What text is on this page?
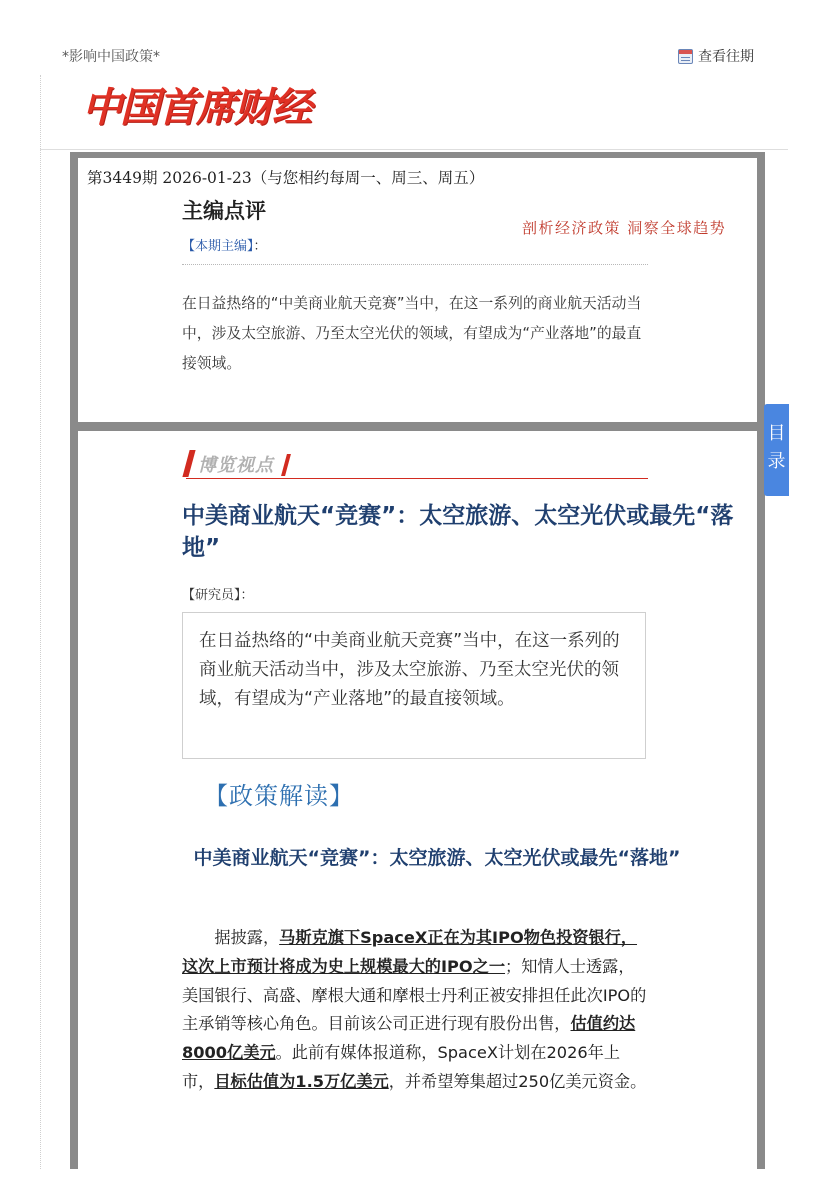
*影响中国政策*	查看往期
中国首席财经
第3449期 2026-01-23（与您相约每周一、周三、周五）
主编点评
剖析经济政策 洞察全球趋势
【本期主编】：
在日益热络的“中美商业航天竞赛”当中，在这一系列的商业航天活动当中，涉及太空旅游、乃至太空光伏的领域，有望成为“产业落地”的最直接领域。
目
录
博览视点
中美商业航天“竞赛”：太空旅游、太空光伏或最先“落地”
【研究员】：
在日益热络的“中美商业航天竞赛”当中，在这一系列的商业航天活动当中，涉及太空旅游、乃至太空光伏的领域，有望成为“产业落地”的最直接领域。
【政策解读】
中美商业航天“竞赛”：太空旅游、太空光伏或最先“落地”
据披露，马斯克旗下SpaceX正在为其IPO物色投资银行，这次上市预计将成为史上规模最大的IPO之一；知情人士透露，美国银行、高盛、摩根大通和摩根士丹利正被安排担任此次IPO的主承销等核心角色。目前该公司正进行现有股份出售，估值约达8000亿美元。此前有媒体报道称，SpaceX计划在2026年上市，目标估值为1.5万亿美元，并希望筹集超过250亿美元资金。
